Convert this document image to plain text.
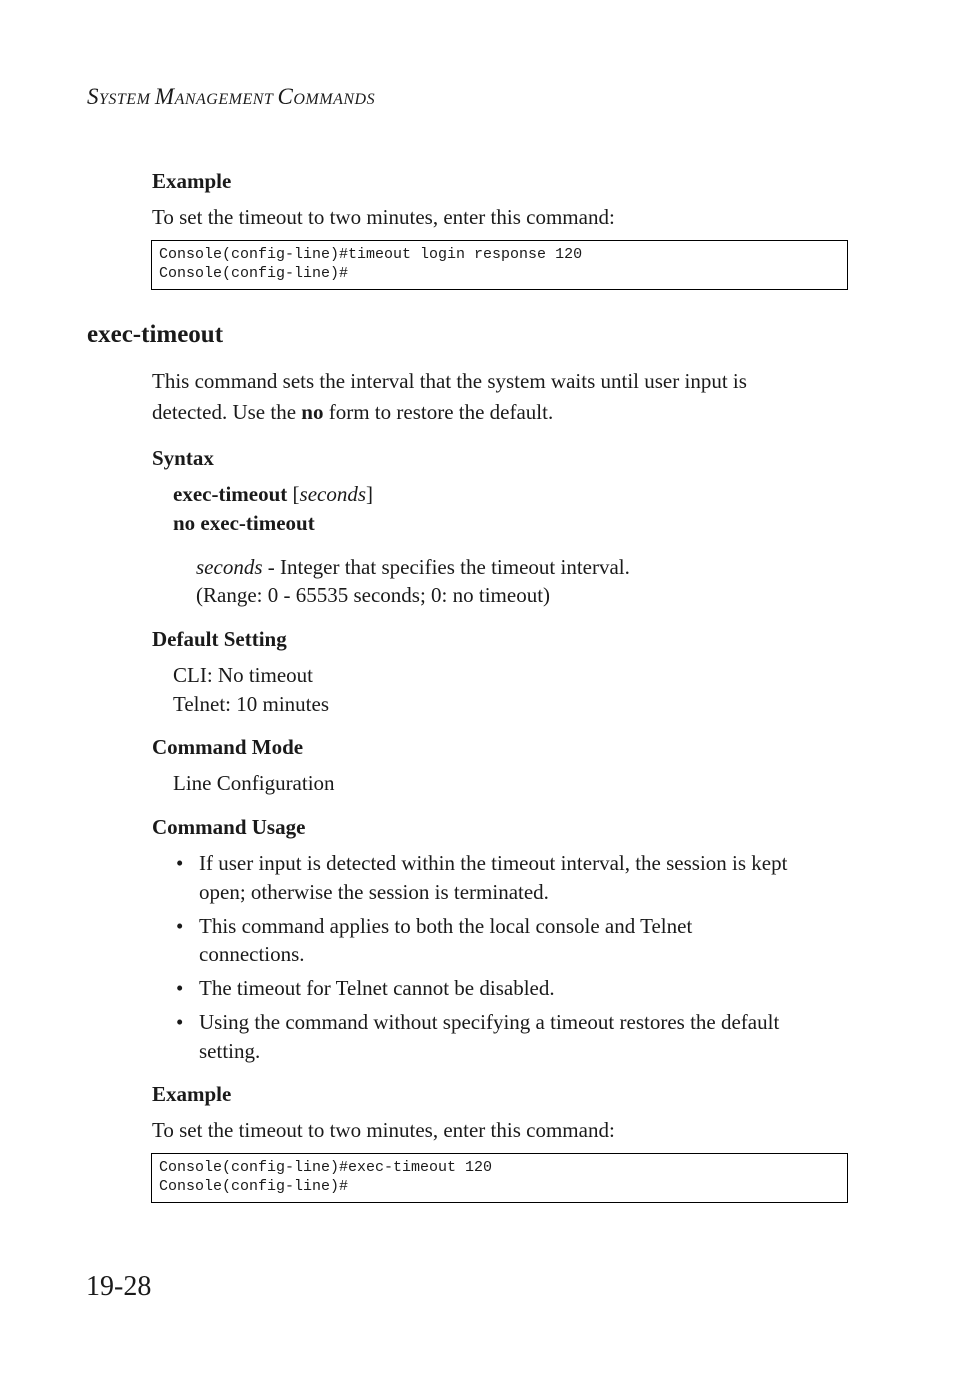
SYSTEM MANAGEMENT COMMANDS
Example
To set the timeout to two minutes, enter this command:
Console(config-line)#timeout login response 120
Console(config-line)#
exec-timeout
This command sets the interval that the system waits until user input is
detected. Use the no form to restore the default.
Syntax
exec-timeout [seconds]
no exec-timeout
seconds - Integer that specifies the timeout interval.
(Range: 0 - 65535 seconds; 0: no timeout)
Default Setting
CLI: No timeout
Telnet: 10 minutes
Command Mode
Line Configuration
Command Usage
• If user input is detected within the timeout interval, the session is kept
open; otherwise the session is terminated.
• This command applies to both the local console and Telnet
connections.
• The timeout for Telnet cannot be disabled.
• Using the command without specifying a timeout restores the default
setting.
Example
To set the timeout to two minutes, enter this command:
Console(config-line)#exec-timeout 120
Console(config-line)#
19-28
